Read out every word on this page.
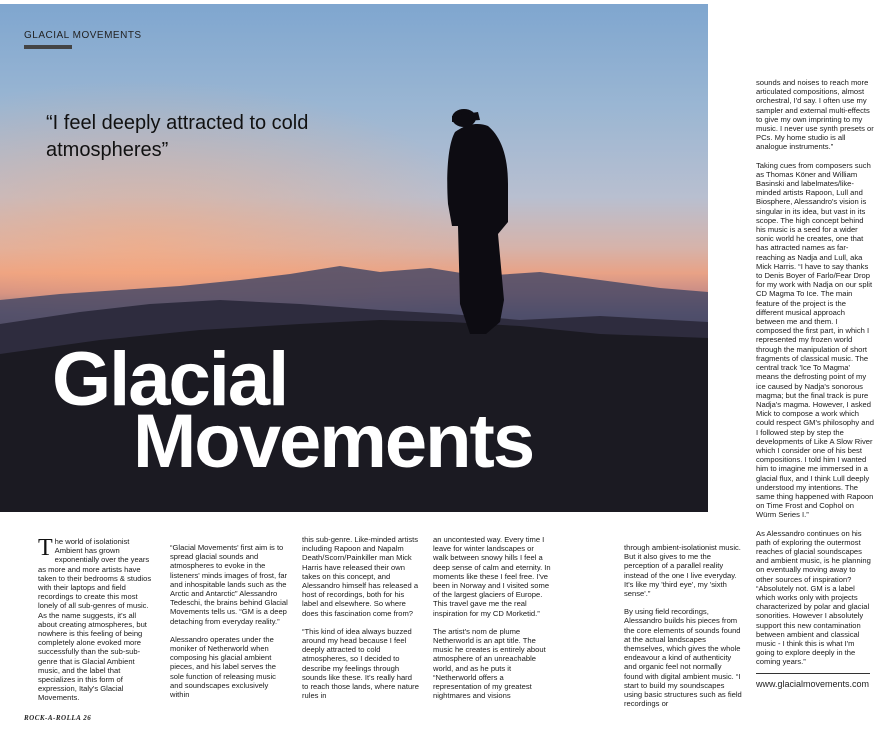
GLACIAL MOVEMENTS
“I feel deeply attracted to cold atmospheres”
Glacial
Movements
T he world of isolationist Ambient has grown exponentially over the years as more and more artists have taken to their bedrooms & studios with their laptops and field recordings to create this most lonely of all sub-genres of music. As the name suggests, it's all about creating atmospheres, but nowhere is this feeling of being completely alone evoked more successfully than the sub-sub-genre that is Glacial Ambient music, and the label that specializes in this form of expression, Italy's Glacial Movements.

“Glacial Movements' first aim is to spread glacial sounds and atmospheres to evoke in the listeners' minds images of frost, far and inhospitable lands such as the Arctic and Antarctic” Alessandro Tedeschi, the brains behind Glacial Movements tells us. “GM is a deep detaching from everyday reality.”

Alessandro operates under the moniker of Netherworld when composing his glacial ambient pieces, and his label serves the sole function of releasing music and soundscapes exclusively within

this sub-genre. Like-minded artists including Rapoon and Napalm Death/Scorn/Painkiller man Mick Harris have released their own takes on this concept, and Alessandro himself has released a host of recordings, both for his label and elsewhere. So where does this fascination come from?

“This kind of idea always buzzed around my head because I feel deeply attracted to cold atmospheres, so I decided to describe my feelings through sounds like these. It's really hard to reach those lands, where nature rules in

an uncontested way. Every time I leave for winter landscapes or walk between snowy hills I feel a deep sense of calm and eternity. In moments like these I feel free. I've been in Norway and I visited some of the largest glaciers of Europe. This travel gave me the real inspiration for my CD Morketid.”

The artist's nom de plume Netherworld is an apt title. The music he creates is entirely about atmosphere of an unreachable world, and as he puts it “Netherworld offers a representation of my greatest nightmares and visions

through ambient-isolationist music. But it also gives to me the perception of a parallel reality instead of the one I live everyday. It's like my 'third eye', my 'sixth sense'.”

By using field recordings, Alessandro builds his pieces from the core elements of sounds found at the actual landscapes themselves, which gives the whole endeavour a kind of authenticity and organic feel not normally found with digital ambient music. “I start to build my soundscapes using basic structures such as field recordings or

sounds and noises to reach more articulated compositions, almost orchestral, I'd say. I often use my sampler and external multi-effects to give my own imprinting to my music. I never use synth presets or PCs. My home studio is all analogue instruments.”

Taking cues from composers such as Thomas Köner and William Basinski and labelmates/like-minded artists Rapoon, Lull and Biosphere, Alessandro's vision is singular in its idea, but vast in its scope. The high concept behind his music is a seed for a wider sonic world he creates, one that has attracted names as far-reaching as Nadja and Lull, aka Mick Harris. “I have to say thanks to Denis Boyer of Farlo/Fear Drop for my work with Nadja on our split CD Magma To Ice. The main feature of the project is the different musical approach between me and them. I composed the first part, in which I represented my frozen world through the manipulation of short fragments of classical music. The central track 'Ice To Magma' means the defrosting point of my ice caused by Nadja's sonorous magma; but the final track is pure Nadja's magma. However, I asked Mick to compose a work which could respect GM's philosophy and I followed step by step the developments of Like A Slow River which I consider one of his best compositions. I told him I wanted him to imagine me immersed in a glacial flux, and I think Lull deeply understood my intentions. The same thing happened with Rapoon on Time Frost and Cophol on Würm Series I.”

As Alessandro continues on his path of exploring the outermost reaches of glacial soundscapes and ambient music, is he planning on eventually moving away to other sources of inspiration? “Absolutely not. GM is a label which works only with projects characterized by polar and glacial sonorities. However I absolutely support this new contamination between ambient and classical music - I think this is what I'm going to explore deeply in the coming years.”

www.glacialmovements.com
ROCK-A-ROLLA 26
